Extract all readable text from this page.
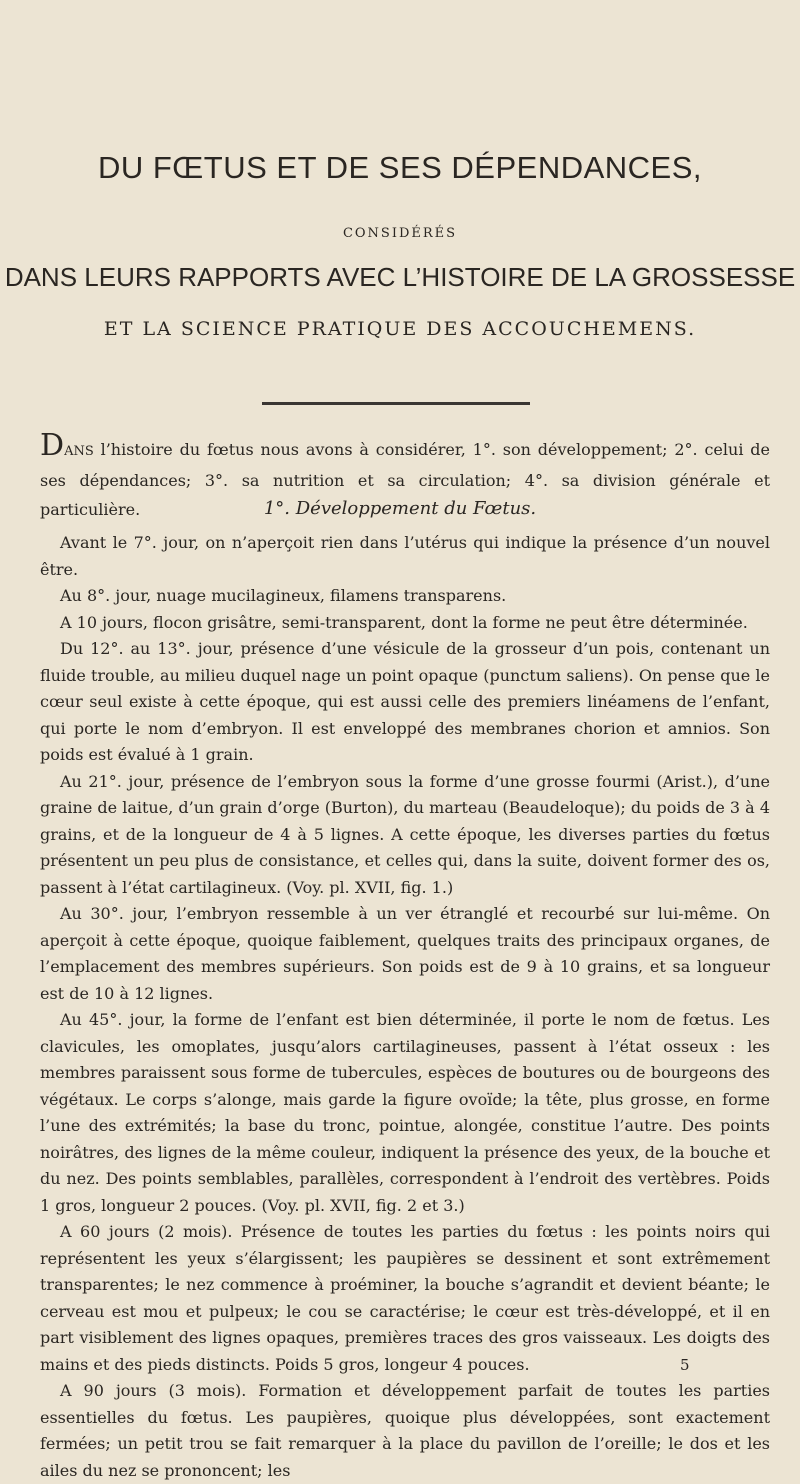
DU FŒTUS ET DE SES DÉPENDANCES,
CONSIDÉRÉS
DANS LEURS RAPPORTS AVEC L’HISTOIRE DE LA GROSSESSE
ET LA SCIENCE PRATIQUE DES ACCOUCHEMENS.

DANS l’histoire du fœtus nous avons à considérer, 1°. son développement; 2°. celui de ses dépendances; 3°. sa nutrition et sa circulation; 4°. sa division générale et particulière.	1°. Développement du Fœtus.

Avant le 7°. jour, on n’aperçoit rien dans l’utérus qui indique la présence d’un nouvel être.

Au 8°. jour, nuage mucilagineux, filamens transparens.

A 10 jours, flocon grisâtre, semi-transparent, dont la forme ne peut être déterminée.

Du 12°. au 13°. jour, présence d’une vésicule de la grosseur d’un pois, contenant un fluide trouble, au milieu duquel nage un point opaque (punctum saliens). On pense que le cœur seul existe à cette époque, qui est aussi celle des premiers linéamens de l’enfant, qui porte le nom d’embryon. Il est enveloppé des membranes chorion et amnios. Son poids est évalué à 1 grain.

Au 21°. jour, présence de l’embryon sous la forme d’une grosse fourmi (Arist.), d’une graine de laitue, d’un grain d’orge (Burton), du marteau (Beaudeloque); du poids de 3 à 4 grains, et de la longueur de 4 à 5 lignes. A cette époque, les diverses parties du fœtus présentent un peu plus de consistance, et celles qui, dans la suite, doivent former des os, passent à l’état cartilagineux. (Voy. pl. XVII, fig. 1.)

Au 30°. jour, l’embryon ressemble à un ver étranglé et recourbé sur lui-même. On aperçoit à cette époque, quoique faiblement, quelques traits des principaux organes, de l’emplacement des membres supérieurs. Son poids est de 9 à 10 grains, et sa longueur est de 10 à 12 lignes.

Au 45°. jour, la forme de l’enfant est bien déterminée, il porte le nom de fœtus. Les clavicules, les omoplates, jusqu’alors cartilagineuses, passent à l’état osseux : les membres paraissent sous forme de tubercules, espèces de boutures ou de bourgeons des végétaux. Le corps s’alonge, mais garde la figure ovoïde; la tête, plus grosse, en forme l’une des extrémités; la base du tronc, pointue, alongée, constitue l’autre. Des points noirâtres, des lignes de la même couleur, indiquent la présence des yeux, de la bouche et du nez. Des points semblables, parallèles, correspondent à l’endroit des vertèbres. Poids 1 gros, longueur 2 pouces. (Voy. pl. XVII, fig. 2 et 3.)

A 60 jours (2 mois). Présence de toutes les parties du fœtus : les points noirs qui représentent les yeux s’élargissent; les paupières se dessinent et sont extrêmement transparentes; le nez commence à proéminer, la bouche s’agrandit et devient béante; le cerveau est mou et pulpeux; le cou se caractérise; le cœur est très-développé, et il en part visiblement des lignes opaques, premières traces des gros vaisseaux. Les doigts des mains et des pieds distincts. Poids 5 gros, longeur 4 pouces.

A 90 jours (3 mois). Formation et développement parfait de toutes les parties essentielles du fœtus. Les paupières, quoique plus développées, sont exactement fermées; un petit trou se fait remarquer à la place du pavillon de l’oreille; le dos et les ailes du nez se prononcent; les

5
